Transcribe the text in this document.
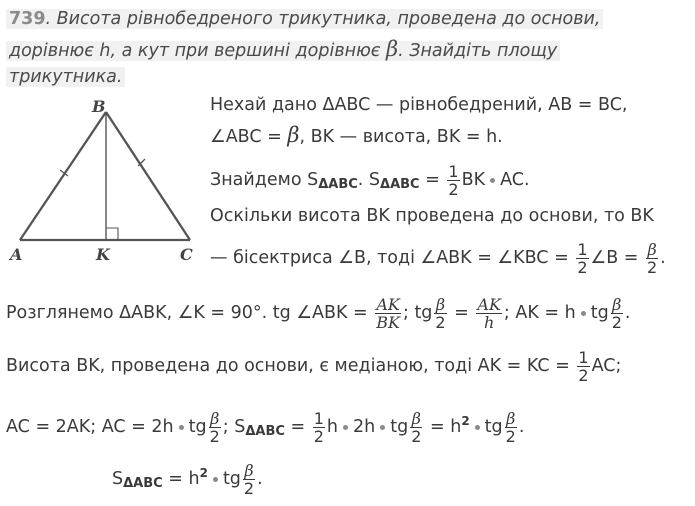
739. Висота рівнобедреного трикутника, проведена до основи,
дорівнює h, а кут при вершині дорівнює β. Знайдіть площу
трикутника.
B
A	K	C
Нехай дано ΔABC — рівнобедрений, AB = BC,
∠ABC = β, BK — висота, BK = h.
Знайдемо $S_{\Delta ABC}$. $S_{\Delta ABC} = \frac{1}{2}$ BK AC.
Оскільки висота BK проведена до основи, то BK
— бісектриса ∠B, тоді ∠ABK = ∠KBC = $\frac{1}{2}$ ∠B = $\frac{\beta}{2}$ .
Розглянемо ΔABK, ∠K = 90°. tg ∠ABK = $\frac{AK}{BK}$ ; tg $\frac{\beta}{2} = \frac{AK}{h}$ ; AK = h tg $\frac{\beta}{2}$ .
Висота BK, проведена до основи, є медіаною, тоді AK = KC = $\frac{1}{2}$ AC;
AC = 2AK; AC = 2h tg $\frac{\beta}{2}$ ; $S_{\Delta ABC} = \frac{1}{2}$ h 2h tg $\frac{\beta}{2} = h^2$ tg $\frac{\beta}{2}$ .
$S_{\Delta ABC} = h^2$ tg $\frac{\beta}{2}$ .
